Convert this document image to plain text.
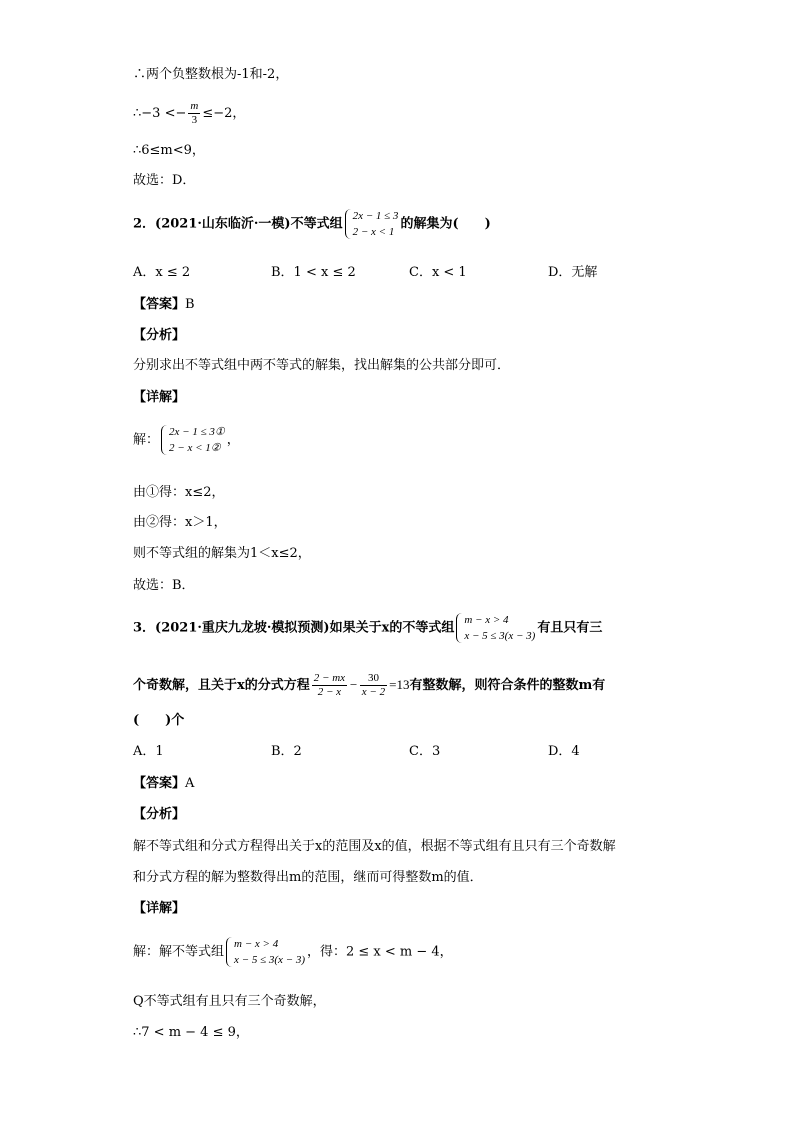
∴两个负整数根为-1和-2，
∴−3 <− $\frac{m}{3} \le-2$，
∴6≤m<9，
故选：D．
2．(2021·山东临沂·一模)不等式组
2x − 1 ≤ 3
2 − x < 1
的解集为(　　)
A．x ≤ 2	B．1 < x ≤ 2	C．x < 1	D．无解
【答案】B
【分析】
分别求出不等式组中两不等式的解集，找出解集的公共部分即可．
【详解】
解：
2x − 1 ≤ 3①
2 − x < 1②
，
由①得：x≤2，
由②得：x＞1，
则不等式组的解集为1＜x≤2，
故选：B．
3．(2021·重庆九龙坡·模拟预测)如果关于x的不等式组
m − x > 4
x − 5 ≤ 3(x − 3)
有且只有三
个奇数解，且关于x的分式方程 $\frac{2 - mx}{2 - x} - \frac{30}{x - 2} =13$有整数解，则符合条件的整数m有
(　　)个
A．1	B．2	C．3	D．4
【答案】A
【分析】
解不等式组和分式方程得出关于x的范围及x的值，根据不等式组有且只有三个奇数解
和分式方程的解为整数得出m的范围，继而可得整数m的值．
【详解】
解：解不等式组
m − x > 4
x − 5 ≤ 3(x − 3)
，得：2 ≤ x < m − 4，
Q不等式组有且只有三个奇数解，
∴7 < m − 4 ≤ 9，
